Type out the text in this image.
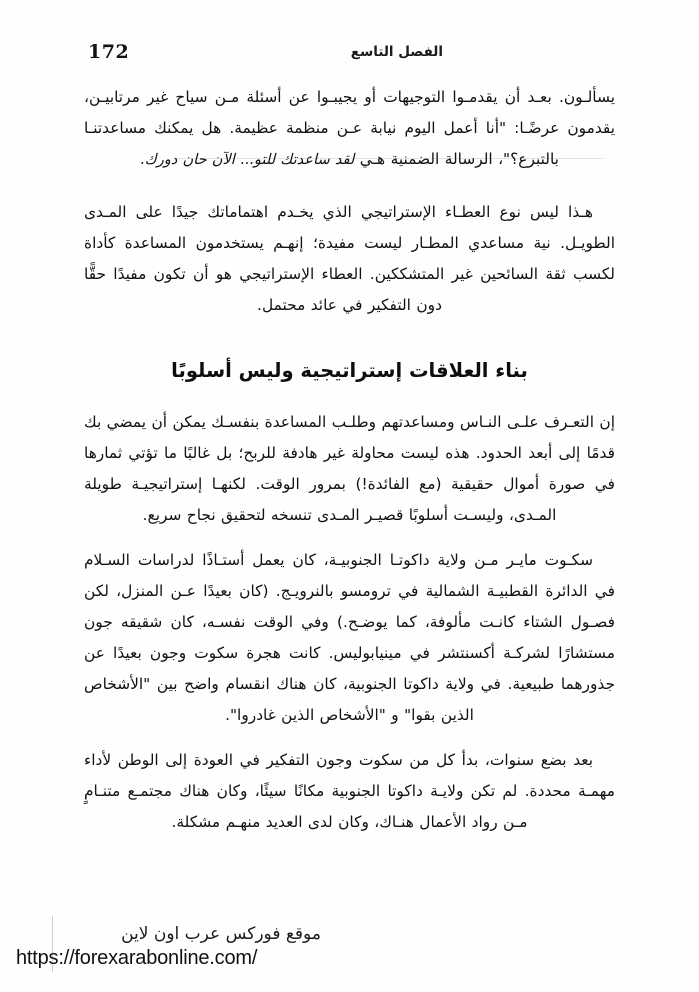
الفصل التاسع
172

يسألـون. بعـد أن يقدمـوا التوجيهات أو يجيبـوا عن أسئلة مـن سياح غير مرتابيـن، يقدمون عرضًـا: "أنا أعمل اليوم نيابة عـن منظمة عظيمة. هل يمكنك مساعدتنـا بالتبرع؟"، الرسالة الضمنية هـي لقد ساعدتك للتو... الآن حان دورك.

هـذا ليس نوع العطـاء الإستراتيجي الذي يخـدم اهتماماتك جيدًا على المـدى الطويـل. نية مساعدي المطـار ليست مفيدة؛ إنهـم يستخدمون المساعدة كأداة لكسب ثقة السائحين غير المتشككين. العطاء الإستراتيجي هو أن تكون مفيدًا حقًّا دون التفكير في عائد محتمل.

بناء العلاقات إستراتيجية وليس أسلوبًا

إن التعـرف علـى النـاس ومساعدتهم وطلـب المساعدة بنفسـك يمكن أن يمضي بك قدمًا إلى أبعد الحدود. هذه ليست محاولة غير هادفة للربح؛ بل غالبًا ما تؤتي ثمارها في صورة أموال حقيقية (مع الفائدة!) بمرور الوقت. لكنهـا إستراتيجيـة طويلة المـدى، وليسـت أسلوبًا قصيـر المـدى تنسخه لتحقيق نجاح سريع.

سكـوت مايـر مـن ولاية داكوتـا الجنوبيـة، كان يعمل أستـاذًا لدراسات السـلام في الدائرة القطبيـة الشمالية في ترومسو بالنرويـج. (كان بعيدًا عـن المنزل، لكن فصـول الشتاء كانـت مألوفة، كما يوضـح.) وفي الوقت نفسـه، كان شقيقه جون مستشارًا لشركـة أكسنتشر في مينيابوليس. كانت هجرة سكوت وجون بعيدًا عن جذورهما طبيعية. في ولاية داكوتا الجنوبية، كان هناك انقسام واضح بين "الأشخاص الذين بقوا" و "الأشخاص الذين غادروا".

بعد بضع سنوات، بدأ كل من سكوت وجون التفكير في العودة إلى الوطن لأداء مهمـة محددة. لم تكن ولايـة داكوتا الجنوبية مكانًا سيئًا، وكان هناك مجتمـع متنـامٍ مـن رواد الأعمال هنـاك، وكان لدى العديد منهـم مشكلة.

موقع فوركس عرب اون لاين

https://forexarabonline.com/
